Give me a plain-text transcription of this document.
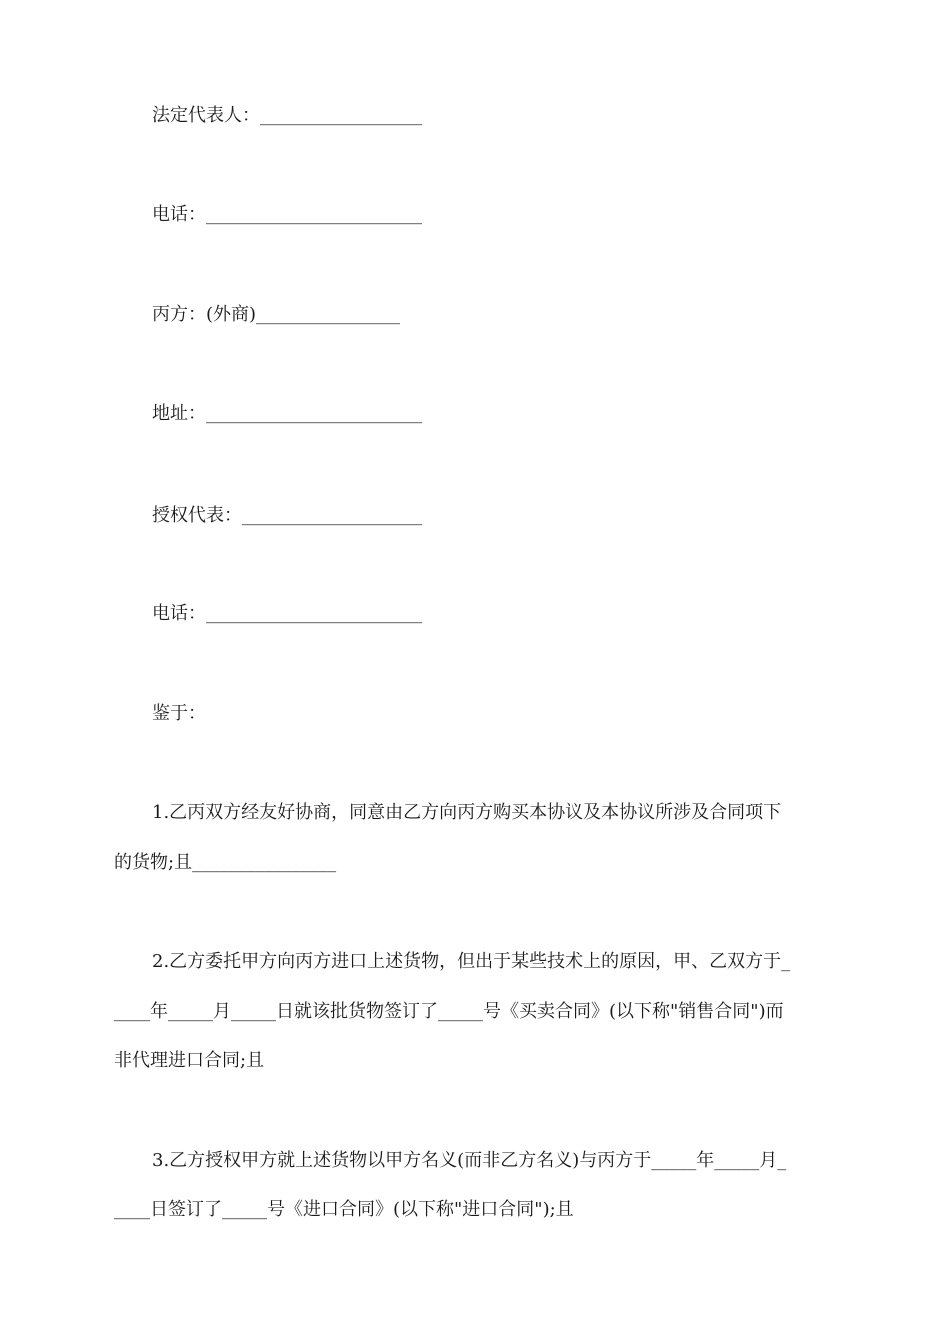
法定代表人：__________________
电话：________________________
丙方：(外商)________________
地址：________________________
授权代表：____________________
电话：________________________
鉴于：
1.乙丙双方经友好协商，同意由乙方向丙方购买本协议及本协议所涉及合同项下
的货物;且________________
2.乙方委托甲方向丙方进口上述货物，但出于某些技术上的原因，甲、乙双方于_
____年_____月_____日就该批货物签订了_____号《买卖合同》(以下称"销售合同")而
非代理进口合同;且
3.乙方授权甲方就上述货物以甲方名义(而非乙方名义)与丙方于_____年_____月_
____日签订了_____号《进口合同》(以下称"进口合同");且
